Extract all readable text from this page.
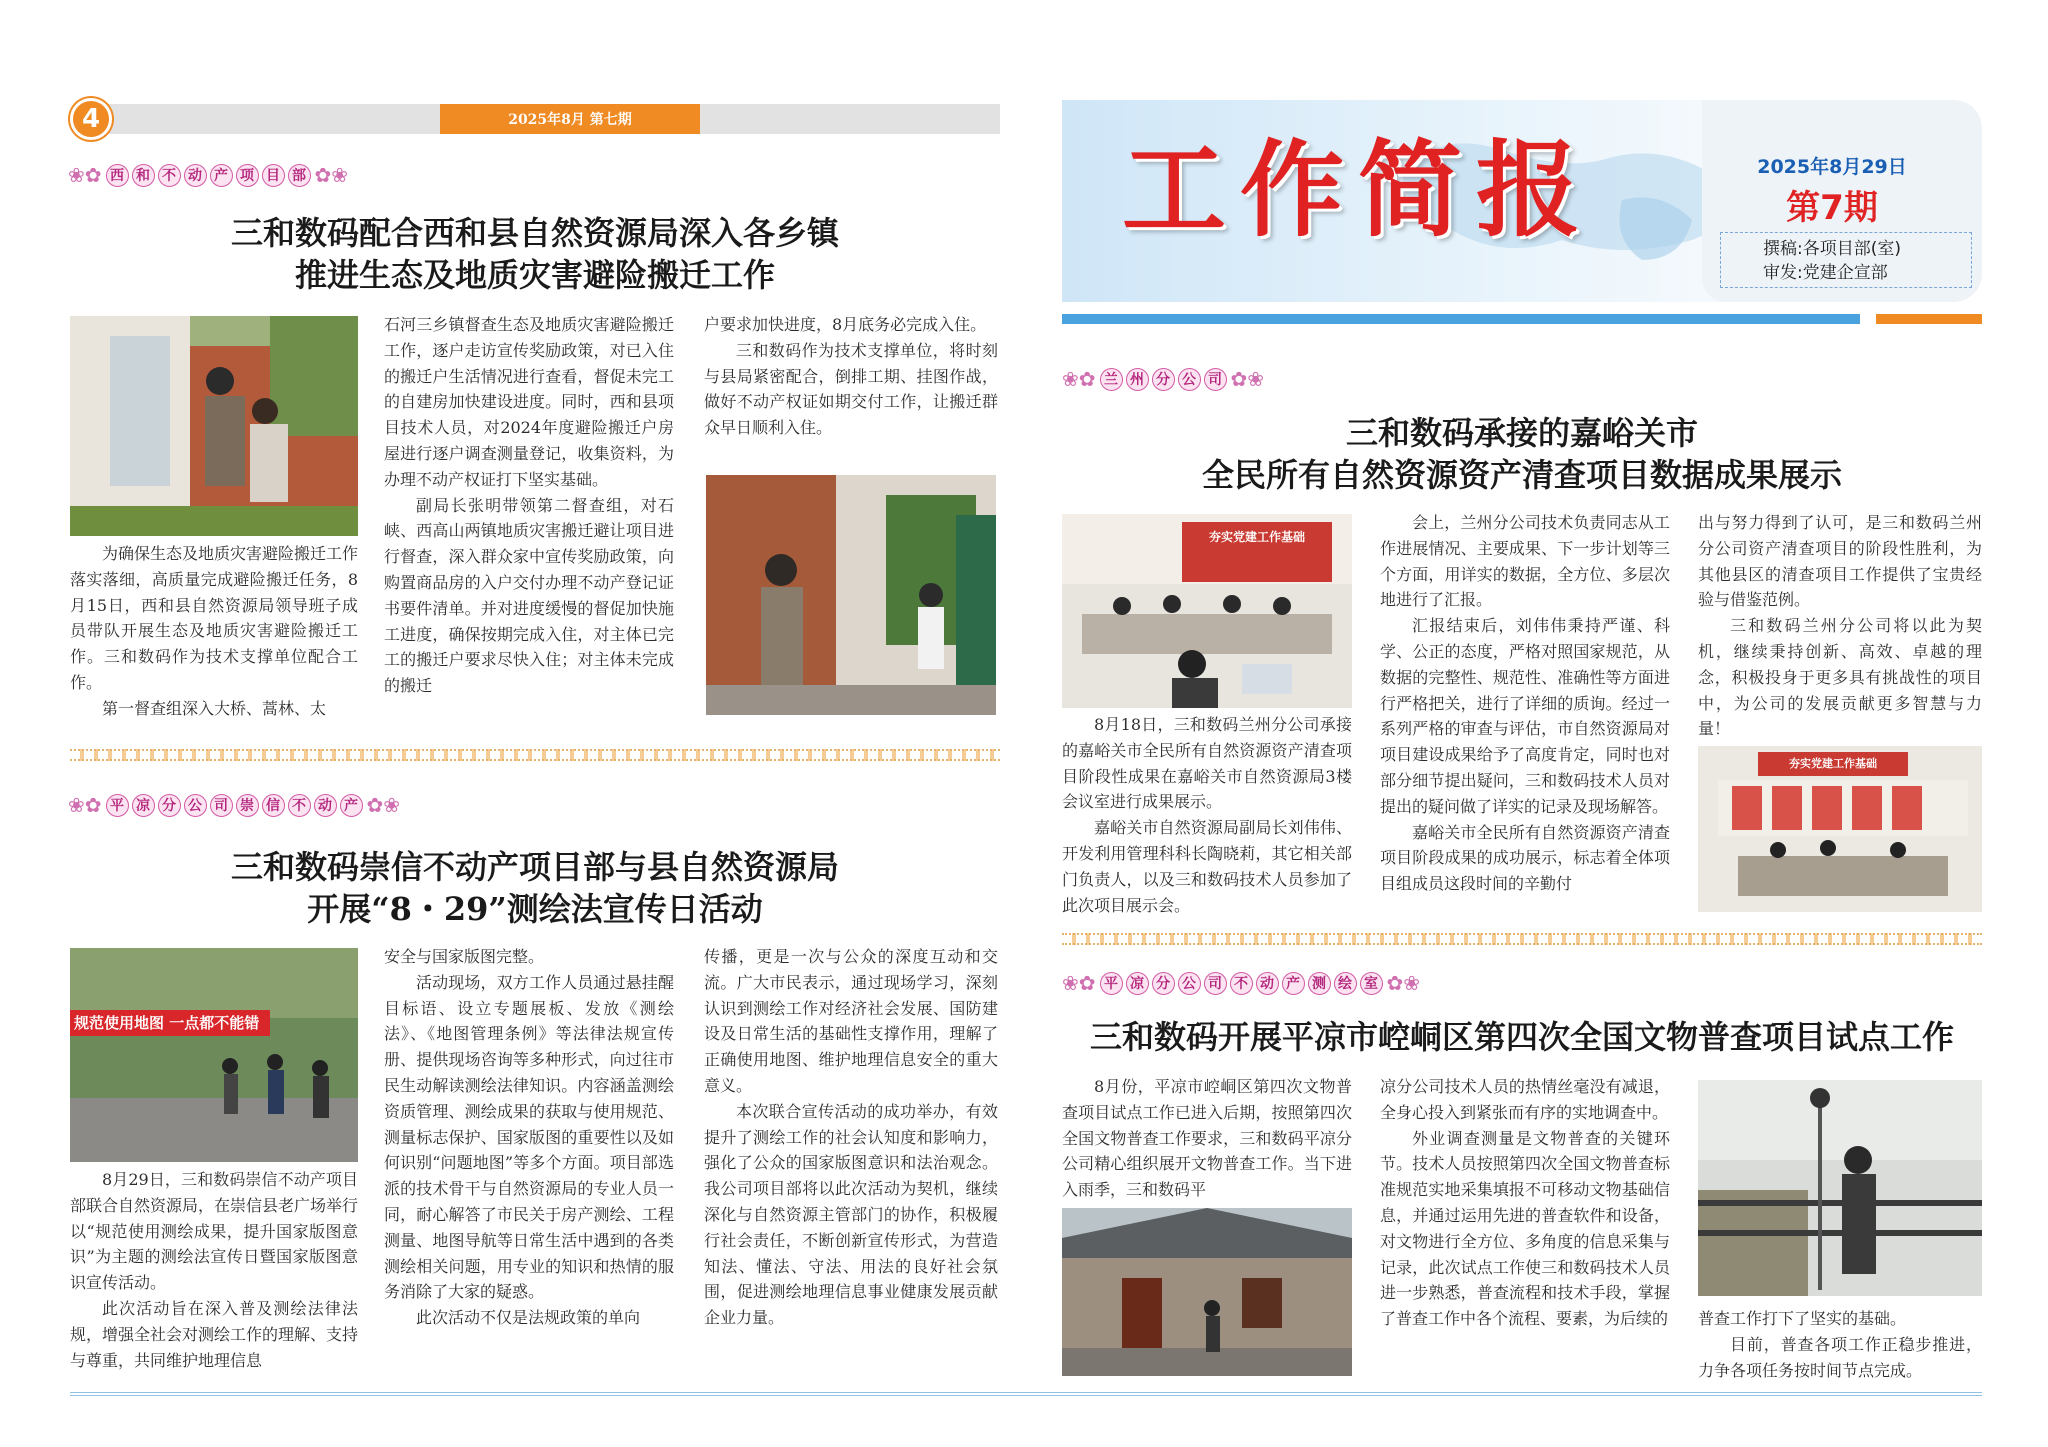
2025年8月 第七期
4
❀✿ 西 和 不 动 产 项 目 部 ✿❀
三和数码配合西和县自然资源局深入各乡镇
推进生态及地质灾害避险搬迁工作

为确保生态及地质灾害避险搬迁工作落实落细，高质量完成避险搬迁任务，8月15日，西和县自然资源局领导班子成员带队开展生态及地质灾害避险搬迁工作。三和数码作为技术支撑单位配合工作。

第一督查组深入大桥、蒿林、太

石河三乡镇督查生态及地质灾害避险搬迁工作，逐户走访宣传奖励政策，对已入住的搬迁户生活情况进行查看，督促未完工的自建房加快建设进度。同时，西和县项目技术人员，对2024年度避险搬迁户房屋进行逐户调查测量登记，收集资料，为办理不动产权证打下坚实基础。

副局长张明带领第二督查组，对石峡、西高山两镇地质灾害搬迁避让项目进行督查，深入群众家中宣传奖励政策，向购置商品房的入户交付办理不动产登记证书要件清单。并对进度缓慢的督促加快施工进度，确保按期完成入住，对主体已完工的搬迁户要求尽快入住；对主体未完成的搬迁

户要求加快进度，8月底务必完成入住。

三和数码作为技术支撑单位，将时刻与县局紧密配合，倒排工期、挂图作战，做好不动产权证如期交付工作，让搬迁群众早日顺利入住。

❀✿ 平 凉 分 公 司 崇 信 不 动 产 ✿❀
三和数码崇信不动产项目部与县自然资源局
开展“8・29”测绘法宣传日活动
规范使用地图 一点都不能错

8月29日，三和数码崇信不动产项目部联合自然资源局，在崇信县老广场举行以“规范使用测绘成果，提升国家版图意识”为主题的测绘法宣传日暨国家版图意识宣传活动。

此次活动旨在深入普及测绘法律法规，增强全社会对测绘工作的理解、支持与尊重，共同维护地理信息

安全与国家版图完整。

活动现场，双方工作人员通过悬挂醒目标语、设立专题展板、发放《测绘法》、《地图管理条例》等法律法规宣传册、提供现场咨询等多种形式，向过往市民生动解读测绘法律知识。内容涵盖测绘资质管理、测绘成果的获取与使用规范、测量标志保护、国家版图的重要性以及如何识别“问题地图”等多个方面。项目部选派的技术骨干与自然资源局的专业人员一同，耐心解答了市民关于房产测绘、工程测量、地图导航等日常生活中遇到的各类测绘相关问题，用专业的知识和热情的服务消除了大家的疑惑。

此次活动不仅是法规政策的单向

传播，更是一次与公众的深度互动和交流。广大市民表示，通过现场学习，深刻认识到测绘工作对经济社会发展、国防建设及日常生活的基础性支撑作用，理解了正确使用地图、维护地理信息安全的重大意义。

本次联合宣传活动的成功举办，有效提升了测绘工作的社会认知度和影响力，强化了公众的国家版图意识和法治观念。我公司项目部将以此次活动为契机，继续深化与自然资源主管部门的协作，积极履行社会责任，不断创新宣传形式，为营造知法、懂法、守法、用法的良好社会氛围，促进测绘地理信息事业健康发展贡献企业力量。

工作简报	2025年8月29日
第7期
撰稿:各项目部(室)
审发:党建企宣部
❀✿ 兰 州 分 公 司 ✿❀
三和数码承接的嘉峪关市
全民所有自然资源资产清查项目数据成果展示
夯实党建工作基础

8月18日，三和数码兰州分公司承接的嘉峪关市全民所有自然资源资产清查项目阶段性成果在嘉峪关市自然资源局3楼会议室进行成果展示。

嘉峪关市自然资源局副局长刘伟伟、开发利用管理科科长陶晓莉，其它相关部门负责人，以及三和数码技术人员参加了此次项目展示会。

会上，兰州分公司技术负责同志从工作进展情况、主要成果、下一步计划等三个方面，用详实的数据，全方位、多层次地进行了汇报。

汇报结束后，刘伟伟秉持严谨、科学、公正的态度，严格对照国家规范，从数据的完整性、规范性、准确性等方面进行严格把关，进行了详细的质询。经过一系列严格的审查与评估，市自然资源局对项目建设成果给予了高度肯定，同时也对部分细节提出疑问，三和数码技术人员对提出的疑问做了详实的记录及现场解答。

嘉峪关市全民所有自然资源资产清查项目阶段成果的成功展示，标志着全体项目组成员这段时间的辛勤付

出与努力得到了认可，是三和数码兰州分公司资产清查项目的阶段性胜利，为其他县区的清查项目工作提供了宝贵经验与借鉴范例。

三和数码兰州分公司将以此为契机，继续秉持创新、高效、卓越的理念，积极投身于更多具有挑战性的项目中，为公司的发展贡献更多智慧与力量！

夯实党建工作基础
❀✿ 平 凉 分 公 司 不 动 产 测 绘 室 ✿❀
三和数码开展平凉市崆峒区第四次全国文物普查项目试点工作

8月份，平凉市崆峒区第四次文物普查项目试点工作已进入后期，按照第四次全国文物普查工作要求，三和数码平凉分公司精心组织展开文物普查工作。当下进入雨季，三和数码平

凉分公司技术人员的热情丝毫没有减退，全身心投入到紧张而有序的实地调查中。

外业调查测量是文物普查的关键环节。技术人员按照第四次全国文物普查标准规范实地采集填报不可移动文物基础信息，并通过运用先进的普查软件和设备，对文物进行全方位、多角度的信息采集与记录，此次试点工作使三和数码技术人员进一步熟悉，普查流程和技术手段，掌握了普查工作中各个流程、要素，为后续的 普查工作打下了坚实的基础。

目前，普查各项工作正稳步推进，力争各项任务按时间节点完成。
